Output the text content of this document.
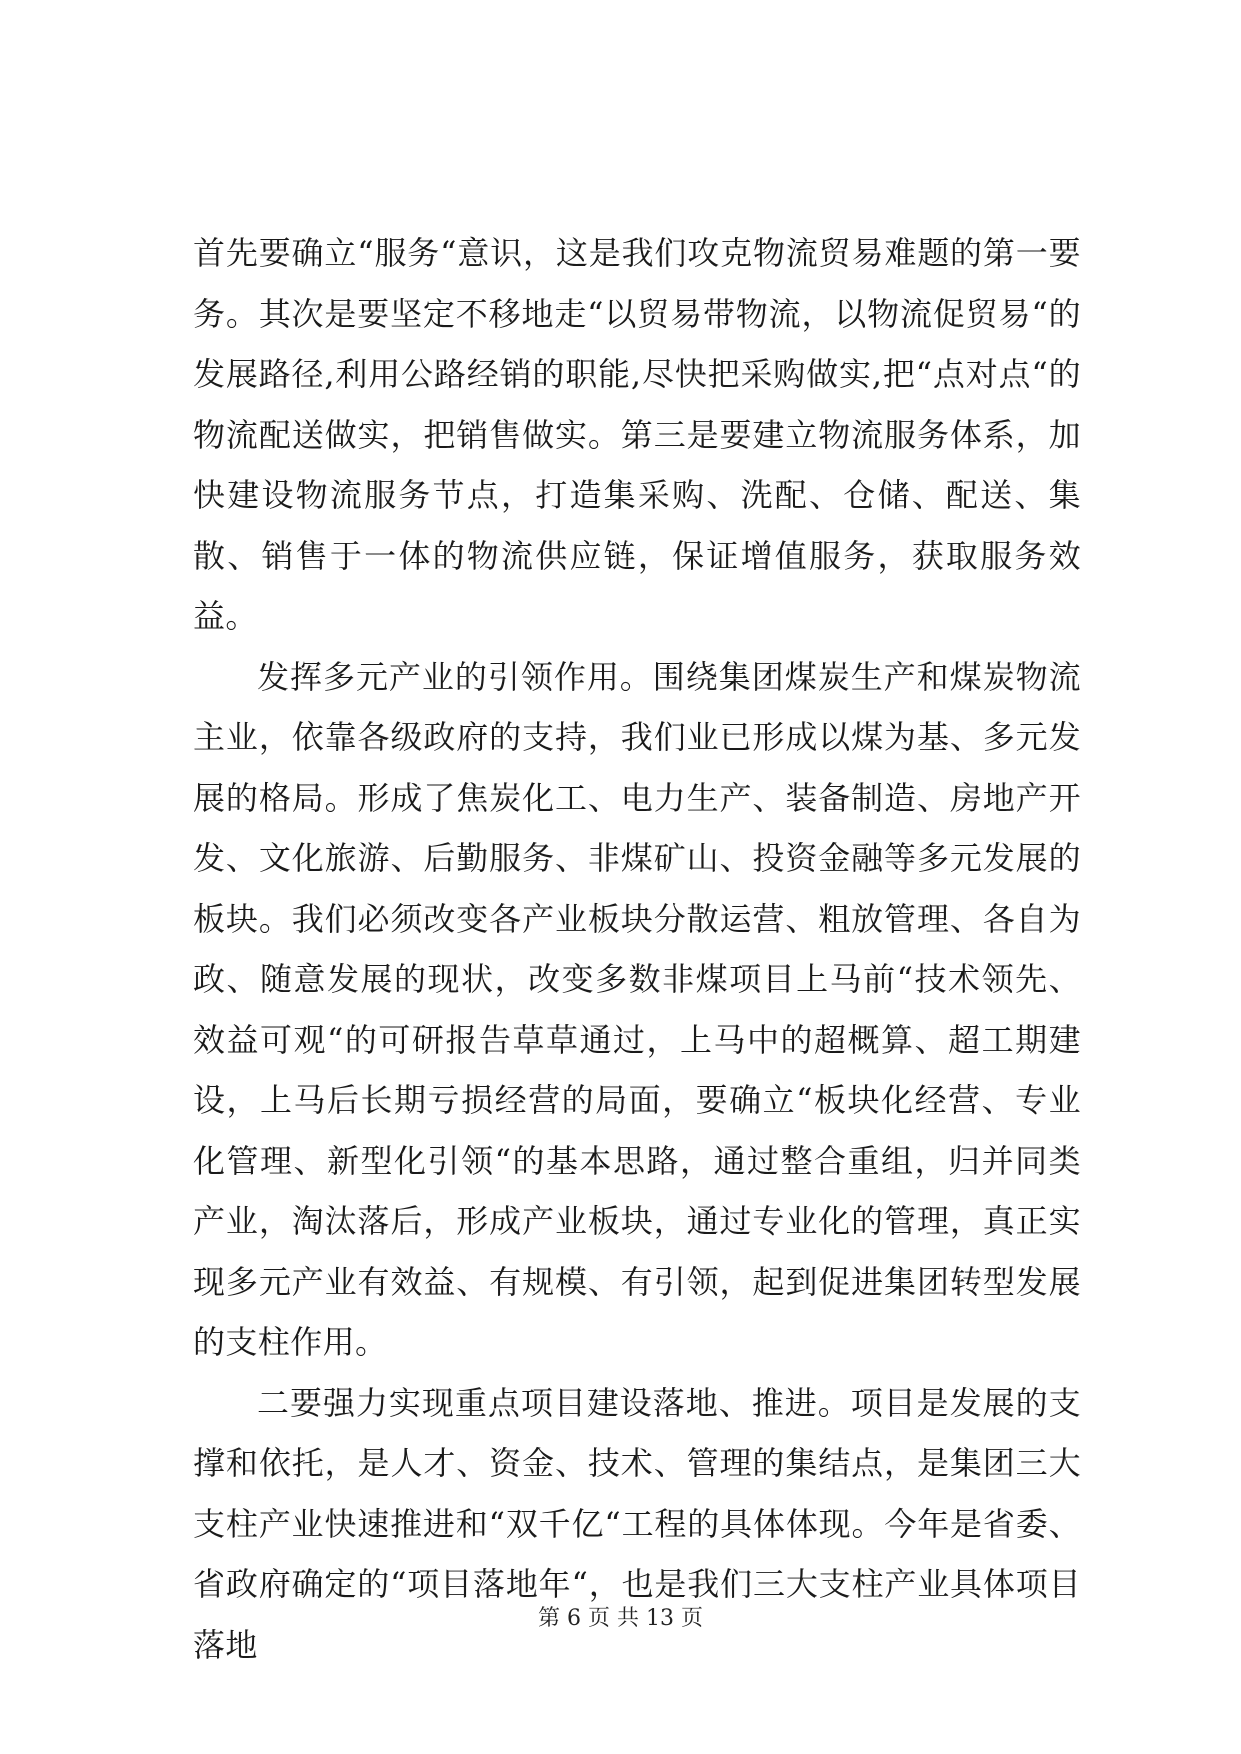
首先要确立“服务“意识，这是我们攻克物流贸易难题的第一要务。其次是要坚定不移地走“以贸易带物流，以物流促贸易“的发展路径,利用公路经销的职能,尽快把采购做实,把“点对点“的物流配送做实，把销售做实。第三是要建立物流服务体系，加快建设物流服务节点，打造集采购、洗配、仓储、配送、集散、销售于一体的物流供应链，保证增值服务，获取服务效益。

发挥多元产业的引领作用。围绕集团煤炭生产和煤炭物流主业，依靠各级政府的支持，我们业已形成以煤为基、多元发展的格局。形成了焦炭化工、电力生产、装备制造、房地产开发、文化旅游、后勤服务、非煤矿山、投资金融等多元发展的板块。我们必须改变各产业板块分散运营、粗放管理、各自为政、随意发展的现状，改变多数非煤项目上马前“技术领先、效益可观“的可研报告草草通过，上马中的超概算、超工期建设，上马后长期亏损经营的局面，要确立“板块化经营、专业化管理、新型化引领“的基本思路，通过整合重组，归并同类产业，淘汰落后，形成产业板块，通过专业化的管理，真正实现多元产业有效益、有规模、有引领，起到促进集团转型发展的支柱作用。

二要强力实现重点项目建设落地、推进。项目是发展的支撑和依托，是人才、资金、技术、管理的集结点，是集团三大支柱产业快速推进和“双千亿“工程的具体体现。今年是省委、省政府确定的“项目落地年“，也是我们三大支柱产业具体项目落地

第 6 页 共 13 页
